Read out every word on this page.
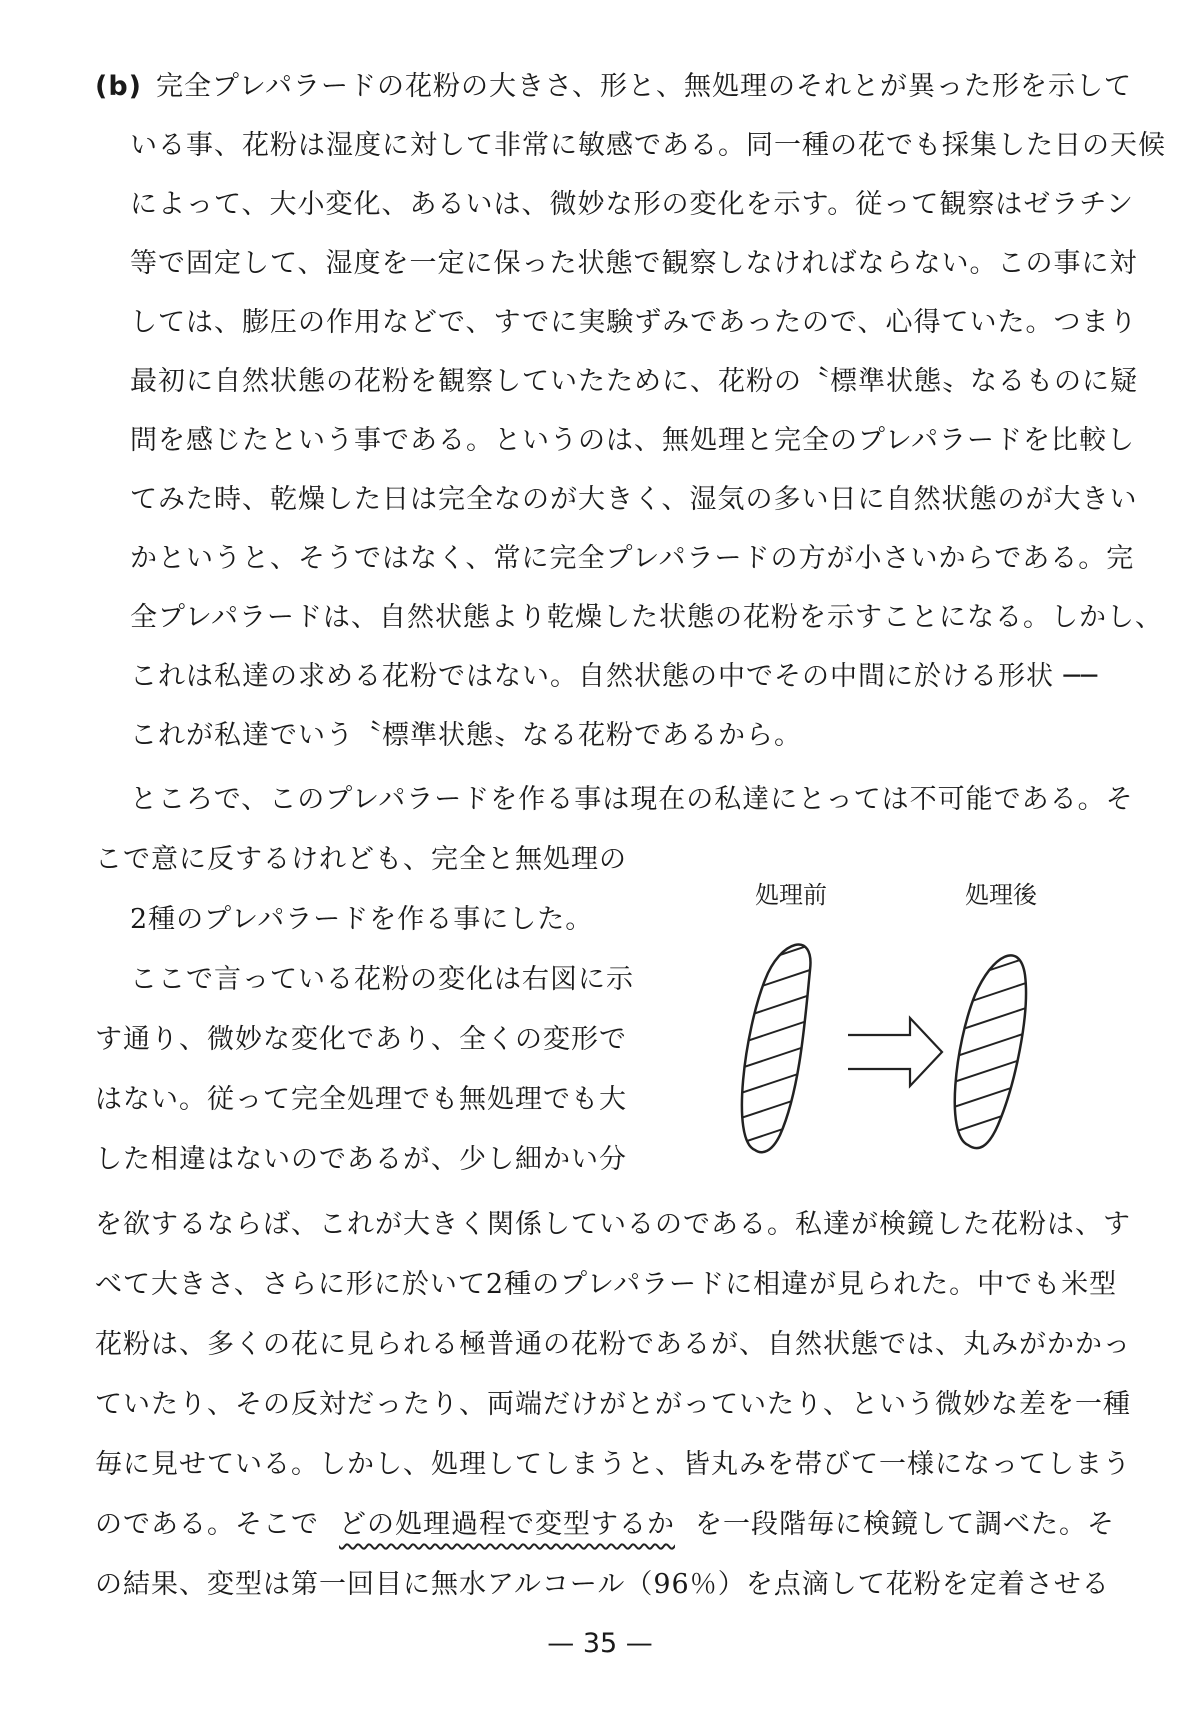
(b) 完全プレパラードの花粉の大きさ、形と、無処理のそれとが異った形を示して
いる事、花粉は湿度に対して非常に敏感である。同一種の花でも採集した日の天候
によって、大小変化、あるいは、微妙な形の変化を示す。従って観察はゼラチン
等で固定して、湿度を一定に保った状態で観察しなければならない。この事に対
しては、膨圧の作用などで、すでに実験ずみであったので、心得ていた。つまり
最初に自然状態の花粉を観察していたために、花粉の〝標準状態〟なるものに疑
問を感じたという事である。というのは、無処理と完全のプレパラードを比較し
てみた時、乾燥した日は完全なのが大きく、湿気の多い日に自然状態のが大きい
かというと、そうではなく、常に完全プレパラードの方が小さいからである。完
全プレパラードは、自然状態より乾燥した状態の花粉を示すことになる。しかし、
これは私達の求める花粉ではない。自然状態の中でその中間に於ける形状 ──
これが私達でいう〝標準状態〟なる花粉であるから。
ところで、このプレパラードを作る事は現在の私達にとっては不可能である。そ
こで意に反するけれども、完全と無処理の
2種のプレパラードを作る事にした。
ここで言っている花粉の変化は右図に示
す通り、微妙な変化であり、全くの変形で
はない。従って完全処理でも無処理でも大
した相違はないのであるが、少し細かい分
を欲するならば、これが大きく関係しているのである。私達が検鏡した花粉は、す
べて大きさ、さらに形に於いて2種のプレパラードに相違が見られた。中でも米型
花粉は、多くの花に見られる極普通の花粉であるが、自然状態では、丸みがかかっ
ていたり、その反対だったり、両端だけがとがっていたり、という微妙な差を一種
毎に見せている。しかし、処理してしまうと、皆丸みを帯びて一様になってしまう
のである。そこで どの処理過程で変型するか を一段階毎に検鏡して調べた。そ
の結果、変型は第一回目に無水アルコール（96％）を点滴して花粉を定着させる
処理前	処理後
— 35 —
